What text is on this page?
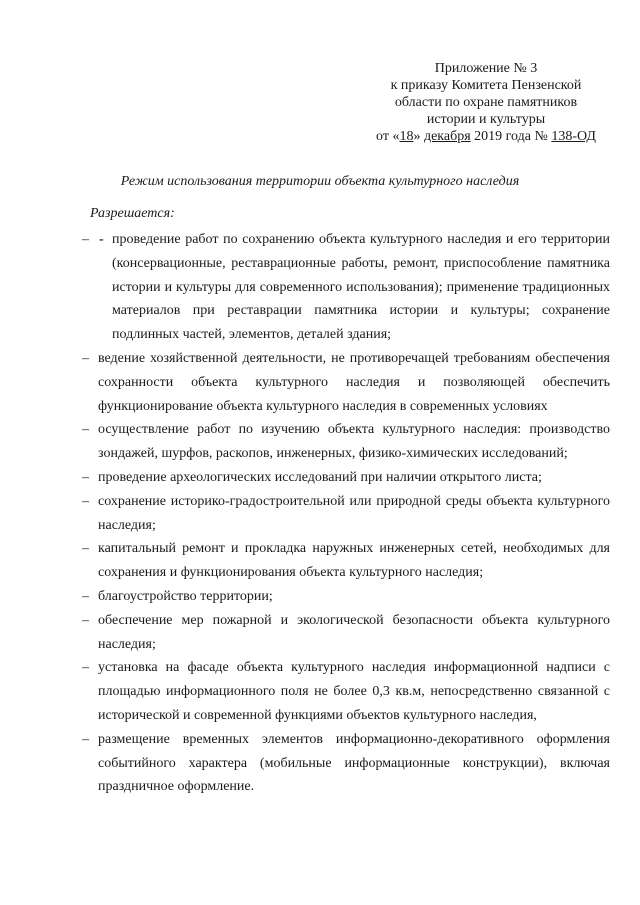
Приложение № 3
к приказу Комитета Пензенской
области по охране памятников
истории и культуры
от «18» декабря 2019 года № 138-ОД
Режим использования территории объекта культурного наследия
Разрешается:
– - проведение работ по сохранению объекта культурного наследия и его территории (консервационные, реставрационные работы, ремонт, приспособление памятника истории и культуры для современного использования); применение традиционных материалов при реставрации памятника истории и культуры; сохранение подлинных частей, элементов, деталей здания;
– ведение хозяйственной деятельности, не противоречащей требованиям обеспечения сохранности объекта культурного наследия и позволяющей обеспечить функционирование объекта культурного наследия в современных условиях
– осуществление работ по изучению объекта культурного наследия: производство зондажей, шурфов, раскопов, инженерных, физико-химических исследований;
– проведение археологических исследований при наличии открытого листа;
– сохранение историко-градостроительной или природной среды объекта культурного наследия;
– капитальный ремонт и прокладка наружных инженерных сетей, необходимых для сохранения и функционирования объекта культурного наследия;
– благоустройство территории;
– обеспечение мер пожарной и экологической безопасности объекта культурного наследия;
– установка на фасаде объекта культурного наследия информационной надписи с площадью информационного поля не более 0,3 кв.м, непосредственно связанной с исторической и современной функциями объектов культурного наследия,
– размещение временных элементов информационно-декоративного оформления событийного характера (мобильные информационные конструкции), включая праздничное оформление.
